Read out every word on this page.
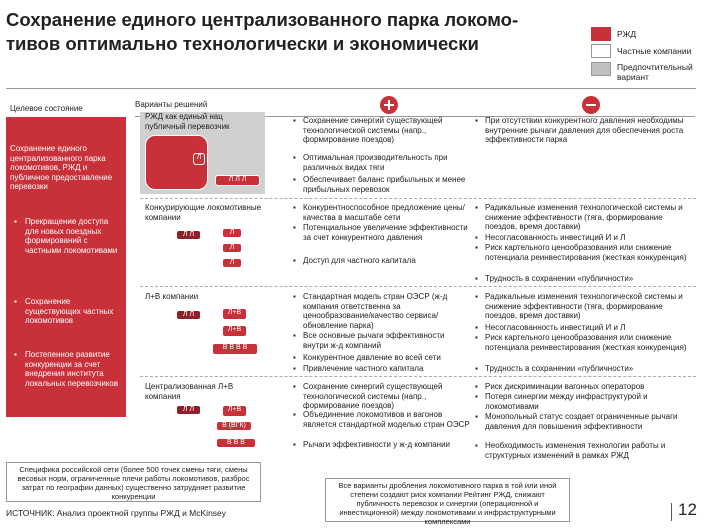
Сохранение единого централизованного парка локомо-
тивов оптимально технологически и экономически	РЖД
Частные компании
Предпочтительный вариант
Целевое состояние	Варианты решений
Сохранение единого централизованного парка локомотивов, РЖД и публичное предоставление перевозки
▪ Прекращение доступа для новых поездных формирований с частными локомотивами
▪ Сохранение существующих частных локомотивов
▪ Постепенное развитие конкуренции за счет внедрения института локальных перевозчиков
РЖД как единый нац публичный перевозчик
Л
Л Л Л
▪ Сохранение синергий существующей технологической системы (напр., формирование поездов)
▪ Оптимальная производительность при различных видах тяги
▪ Обеспечивает баланс прибыльных и менее прибыльных перевозок
▪ При отсутствии конкурентного давления необходимы внутренние рычаги давления для обеспечения роста эффективности парка
Конкурирующие локомотивные компании
Л Л	Л
Л
Л
▪ Конкурентноспособное предложение цены/качества в масштабе сети
▪ Потенциальное увеличение эффективности за счет конкурентного давления
▪ Доступ для частного капитала
▪ Радикальные изменения технологической системы и снижение эффективности (тяга, формирование поездов, время доставки)
▪ Несогласованность инвестиций И и Л
▪ Риск картельного ценообразования или снижение потенциала реинвестирования (жесткая конкуренция)
▪ Трудность в сохранении «публичности»
Л+В компании
Л Л	Л+В
Л+В
В В В В
▪ Стандартная модель стран ОЭСР (ж-д компания ответственна за ценообразование/качество сервиса/обновление парка)
▪ Все основные рычаги эффективности внутри ж-д компаний
▪ Конкурентное давление во всей сети
▪ Привлечение частного капитала
▪ Радикальные изменения технологической системы и снижение эффективности (тяга, формирование поездов, время доставки)
▪ Несогласованность инвестиций И и Л
▪ Риск картельного ценообразования или снижение потенциала реинвестирования (жесткая конкуренция)
▪ Трудность в сохранении «публичности»
Централизованная Л+В компания
Л Л	Л+В
В (ВГК)
В В В
▪ Сохранение синергий существующей технологической системы (напр., формирование поездов)
▪ Объединение локомотивов и вагонов является стандартной моделью стран ОЭСР
▪ Рычаги эффективности у ж-д компании
▪ Риск дискриминации вагонных операторов
▪ Потеря синергии между инфраструктурой и локомотивами
▪ Монопольный статус создает ограниченные рычаги давления для повышения эффективности
▪ Необходимость изменения технологии работы и структурных изменений в рамках РЖД
Специфика российской сети (более 500 точек смены тяги, смены весовых норм, ограниченные плечи работы локомотивов, разброс затрат по географии данных) существенно затрудняет развитие конкуренции
Все варианты дробления локомотивного парка в той или иной степени создают риск компании Рейтинг РЖД, снижают публичность перевозок и синергии (операционной и инвестиционной) между локомотивами и инфраструктурными комплексами
ИСТОЧНИК: Анализ проектной группы РЖД и McKinsey	12
